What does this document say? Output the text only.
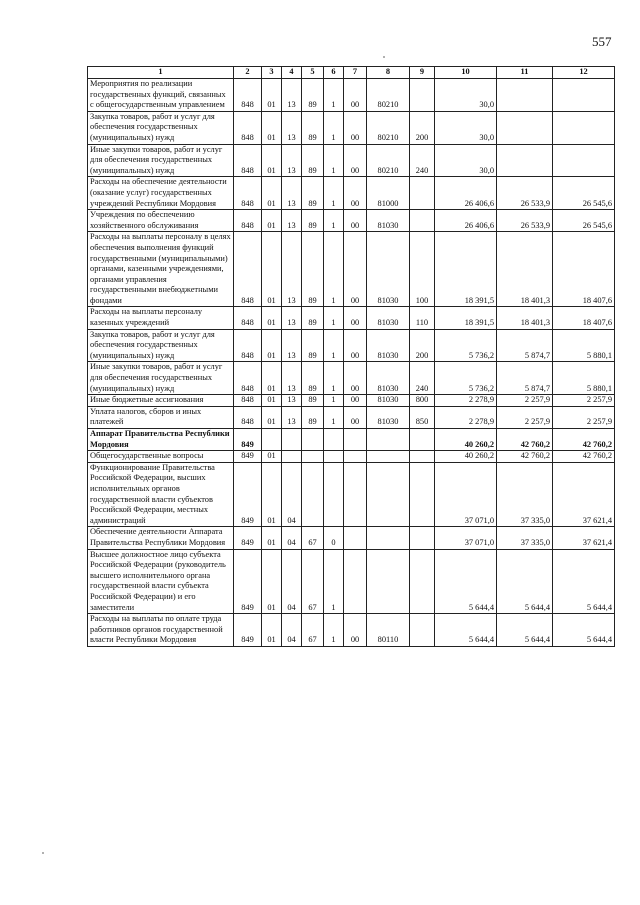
557
1	2	3	4	5	6	7	8	9	10	11	12
Мероприятия по реализации государственных функций, связанных с общегосударственным управлением	848	01	13	89	1	00	80210		30,0		
Закупка товаров, работ и услуг для обеспечения государственных (муниципальных) нужд	848	01	13	89	1	00	80210	200	30,0		
Иные закупки товаров, работ и услуг для обеспечения государственных (муниципальных) нужд	848	01	13	89	1	00	80210	240	30,0		
Расходы на обеспечение деятельности (оказание услуг) государственных учреждений Республики Мордовия	848	01	13	89	1	00	81000		26 406,6	26 533,9	26 545,6
Учреждения по обеспечению хозяйственного обслуживания	848	01	13	89	1	00	81030		26 406,6	26 533,9	26 545,6
Расходы на выплаты персоналу в целях обеспечения выполнения функций государственными (муниципальными) органами, казенными учреждениями, органами управления государственными внебюджетными фондами	848	01	13	89	1	00	81030	100	18 391,5	18 401,3	18 407,6
Расходы на выплаты персоналу казенных учреждений	848	01	13	89	1	00	81030	110	18 391,5	18 401,3	18 407,6
Закупка товаров, работ и услуг для обеспечения государственных (муниципальных) нужд	848	01	13	89	1	00	81030	200	5 736,2	5 874,7	5 880,1
Иные закупки товаров, работ и услуг для обеспечения государственных (муниципальных) нужд	848	01	13	89	1	00	81030	240	5 736,2	5 874,7	5 880,1
Иные бюджетные ассигнования	848	01	13	89	1	00	81030	800	2 278,9	2 257,9	2 257,9
Уплата налогов, сборов и иных платежей	848	01	13	89	1	00	81030	850	2 278,9	2 257,9	2 257,9
Аппарат Правительства Республики Мордовия	849								40 260,2	42 760,2	42 760,2
Общегосударственные вопросы	849	01							40 260,2	42 760,2	42 760,2
Функционирование Правительства Российской Федерации, высших исполнительных органов государственной власти субъектов Российской Федерации, местных администраций	849	01	04						37 071,0	37 335,0	37 621,4
Обеспечение деятельности Аппарата Правительства Республики Мордовия	849	01	04	67	0				37 071,0	37 335,0	37 621,4
Высшее должностное лицо субъекта Российской Федерации (руководитель высшего исполнительного органа государственной власти субъекта Российской Федерации) и его заместители	849	01	04	67	1				5 644,4	5 644,4	5 644,4
Расходы на выплаты по оплате труда работников органов государственной власти Республики Мордовия	849	01	04	67	1	00	80110		5 644,4	5 644,4	5 644,4
